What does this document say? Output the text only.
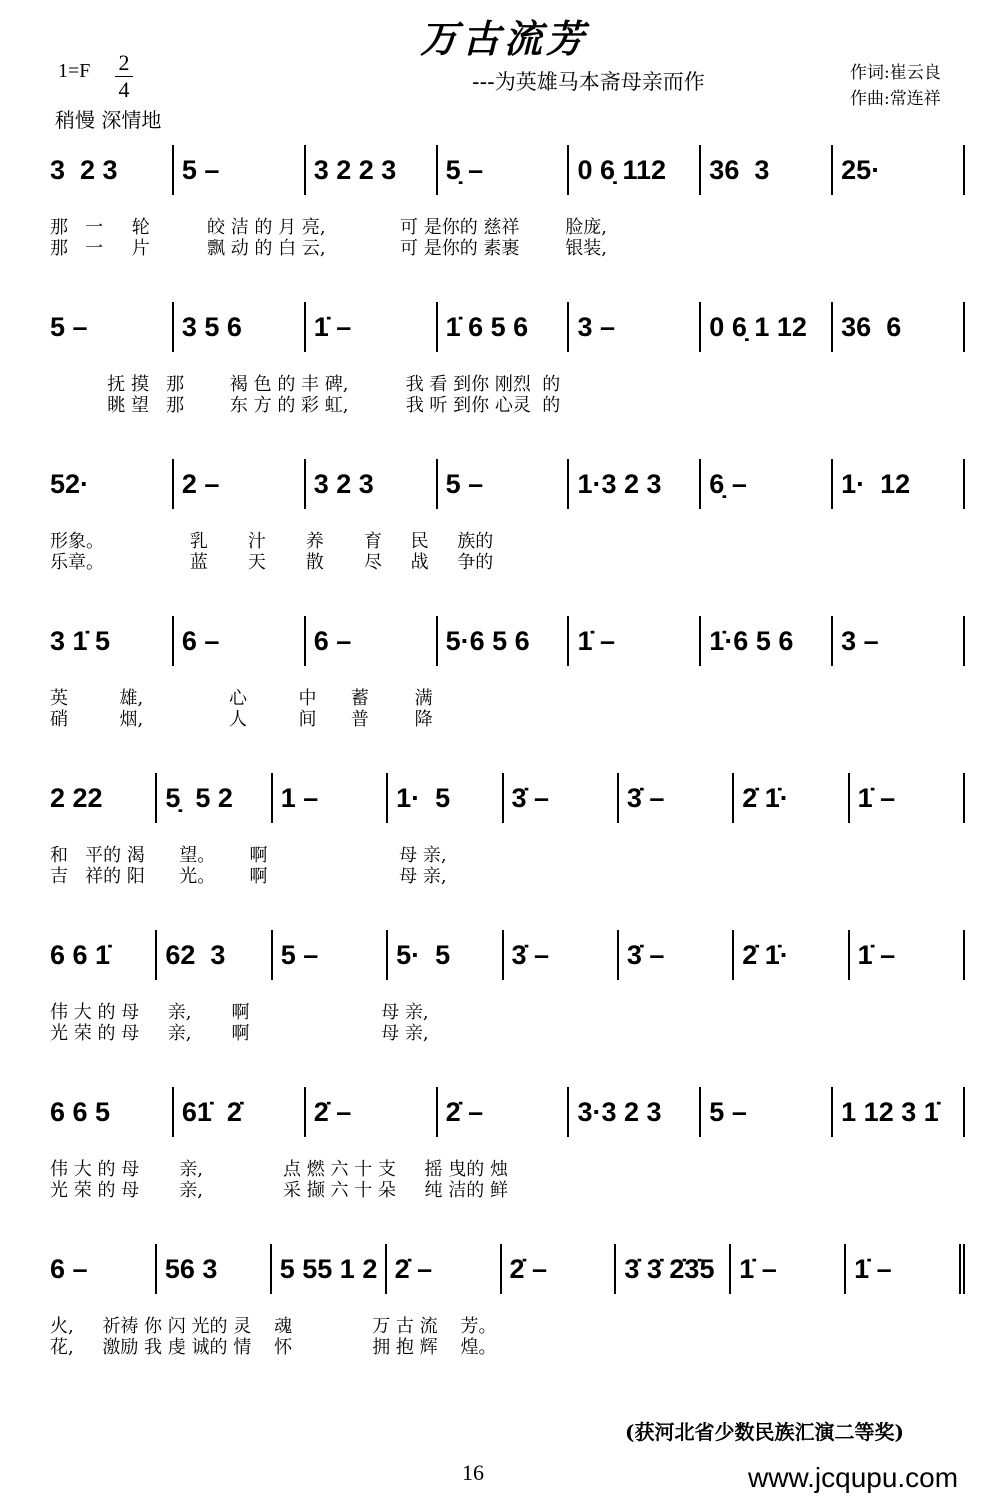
万古流芳
1=F 2
4
稍慢 深情地
---为英雄马本斋母亲而作	作词:崔云良
作曲:常连祥
3  2 3	5 –	3 2 2 3	5̣ –	0 6̣ 112	36  3	25·
那   一     轮          皎 洁 的 月 亮,             可 是你的 慈祥        脸庞,
那   一     片          飘 动 的 白 云,             可 是你的 素裹        银装,
5 –	3 5 6	1̇ –	1̇ 6 5 6	3 –	0 6̣ 1 12	36  6
抚 摸   那        褐 色 的 丰 碑,          我 看 到你 刚烈  的
眺 望   那        东 方 的 彩 虹,          我 听 到你 心灵  的
52·	2 –	3 2 3	5 –	1·3 2 3	6̣ –	1·  12
形象。               乳       汁       养       育     民     族的
乐章。               蓝       天       散       尽     战     争的
3 1̇ 5	6 –	6 –	5·6 5 6	1̇ –	1̇·6 5 6	3 –
英         雄,               心         中      蓄        满
硝         烟,               人         间      普        降
2 22	5̣  5 2	1 –	1·  5	3̇ –	3̇ –	2̇ 1̇·	1̇ –
和   平的 渴      望。      啊                       母 亲,
吉   祥的 阳      光。      啊                       母 亲,
6 6 1̇	62  3	5 –	5·  5	3̇ –	3̇ –	2̇ 1̇·	1̇ –
伟 大 的 母     亲,       啊                       母 亲,
光 荣 的 母     亲,       啊                       母 亲,
6 6 5	61̇  2̇	2̇ –	2̇ –	3·3 2 3	5 –	1 12 3 1̇
伟 大 的 母       亲,              点 燃 六 十 支     摇 曳的 烛
光 荣 的 母       亲,              采 撷 六 十 朵     纯 洁的 鲜
6 –	56 3	5 55 1 2 2̇ –	2̇ –	3̇ 3̇ 2̇3̇5 1̇ –	1̇ –
火,     祈祷 你 闪 光的 灵    魂              万 古 流    芳。
花,     激励 我 虔 诚的 情    怀              拥 抱 辉    煌。
(获河北省少数民族汇演二等奖)
16	www.jcqupu.com
